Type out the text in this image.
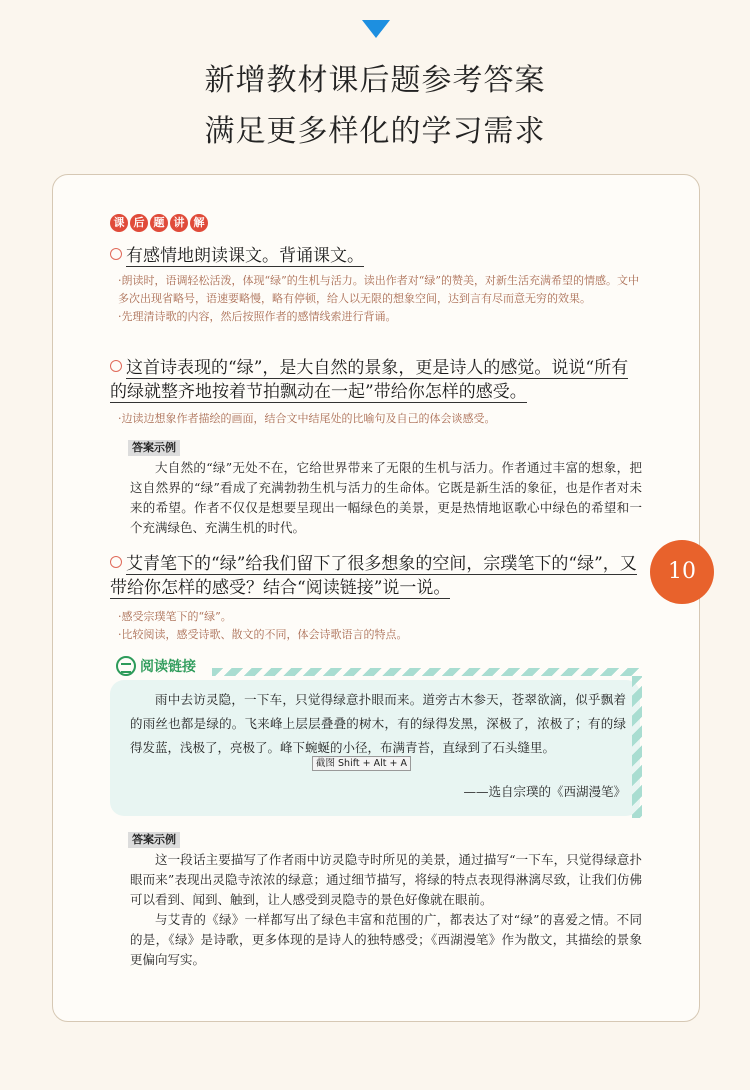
新增教材课后题参考答案
满足更多样化的学习需求
课 后 题 讲 解
有感情地朗读课文。背诵课文。

·朗读时，语调轻松活泼，体现“绿”的生机与活力。读出作者对“绿”的赞美，对新生活充满希望的情感。文中多次出现省略号，语速要略慢，略有停顿，给人以无限的想象空间，达到言有尽而意无穷的效果。

·先理清诗歌的内容，然后按照作者的感情线索进行背诵。

这首诗表现的“绿”，是大自然的景象，更是诗人的感觉。说说“所有的绿就整齐地按着节拍飘动在一起”带给你怎样的感受。

·边读边想象作者描绘的画面，结合文中结尾处的比喻句及自己的体会谈感受。

答案示例

大自然的“绿”无处不在，它给世界带来了无限的生机与活力。作者通过丰富的想象，把这自然界的“绿”看成了充满勃勃生机与活力的生命体。它既是新生活的象征，也是作者对未来的希望。作者不仅仅是想要呈现出一幅绿色的美景，更是热情地讴歌心中绿色的希望和一个充满绿色、充满生机的时代。

艾青笔下的“绿”给我们留下了很多想象的空间，宗璞笔下的“绿”，又带给你怎样的感受？结合“阅读链接”说一说。

·感受宗璞笔下的“绿”。

·比较阅读，感受诗歌、散文的不同，体会诗歌语言的特点。

10
阅读链接

雨中去访灵隐，一下车，只觉得绿意扑眼而来。道旁古木参天，苍翠欲滴，似乎飘着的雨丝也都是绿的。飞来峰上层层叠叠的树木，有的绿得发黑，深极了，浓极了；有的绿得发蓝，浅极了，亮极了。峰下蜿蜒的小径，布满青苔，直绿到了石头缝里。

截图 Shift + Alt + A
——选自宗璞的《西湖漫笔》
答案示例

这一段话主要描写了作者雨中访灵隐寺时所见的美景，通过描写“一下车，只觉得绿意扑眼而来”表现出灵隐寺浓浓的绿意；通过细节描写，将绿的特点表现得淋漓尽致，让我们仿佛可以看到、闻到、触到，让人感受到灵隐寺的景色好像就在眼前。

与艾青的《绿》一样都写出了绿色丰富和范围的广，都表达了对“绿”的喜爱之情。不同的是，《绿》是诗歌，更多体现的是诗人的独特感受；《西湖漫笔》作为散文，其描绘的景象更偏向写实。
